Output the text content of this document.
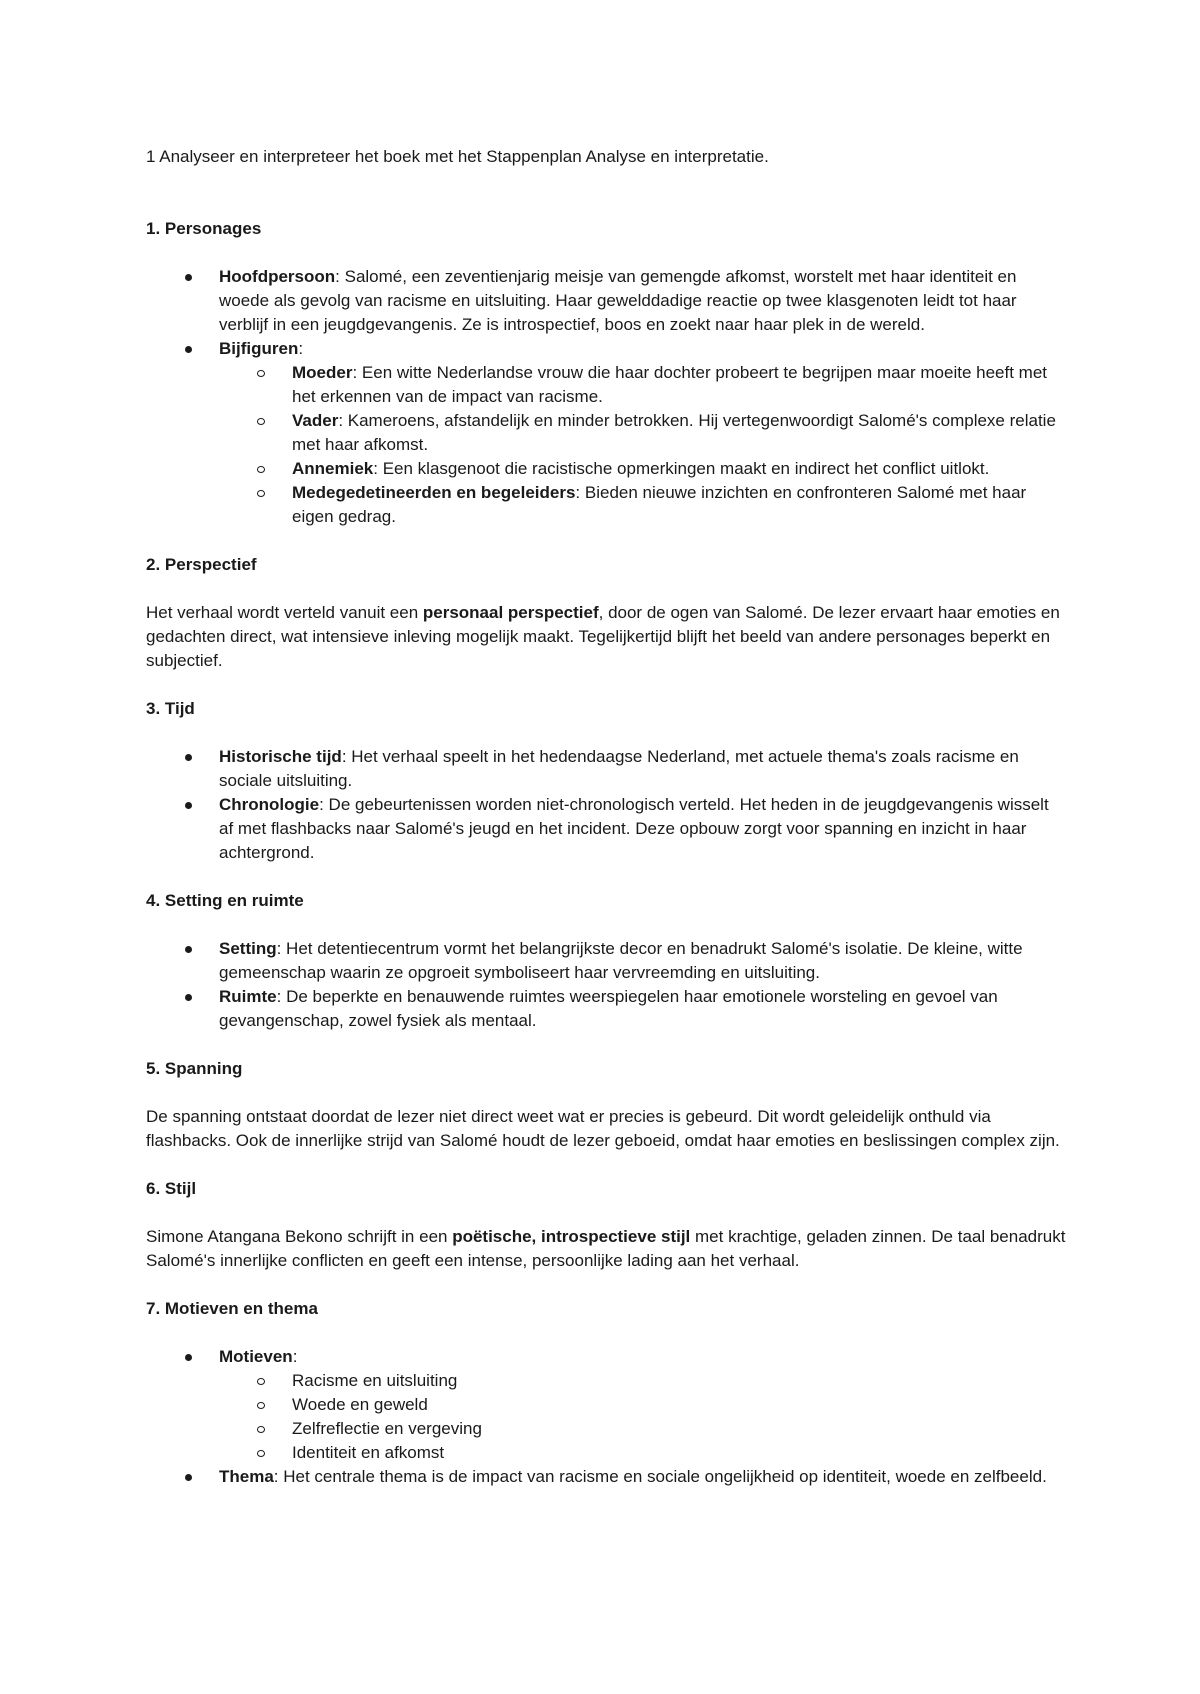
1 Analyseer en interpreteer het boek met het Stappenplan Analyse en interpretatie.

1. Personages
Hoofdpersoon: Salomé, een zeventienjarig meisje van gemengde afkomst, worstelt met haar identiteit en woede als gevolg van racisme en uitsluiting. Haar gewelddadige reactie op twee klasgenoten leidt tot haar verblijf in een jeugdgevangenis. Ze is introspectief, boos en zoekt naar haar plek in de wereld.
Bijfiguren:
Moeder: Een witte Nederlandse vrouw die haar dochter probeert te begrijpen maar moeite heeft met het erkennen van de impact van racisme.
Vader: Kameroens, afstandelijk en minder betrokken. Hij vertegenwoordigt Salomé's complexe relatie met haar afkomst.
Annemiek: Een klasgenoot die racistische opmerkingen maakt en indirect het conflict uitlokt.
Medegedetineerden en begeleiders: Bieden nieuwe inzichten en confronteren Salomé met haar eigen gedrag.
2. Perspectief

Het verhaal wordt verteld vanuit een personaal perspectief, door de ogen van Salomé. De lezer ervaart haar emoties en gedachten direct, wat intensieve inleving mogelijk maakt. Tegelijkertijd blijft het beeld van andere personages beperkt en subjectief.

3. Tijd
Historische tijd: Het verhaal speelt in het hedendaagse Nederland, met actuele thema's zoals racisme en sociale uitsluiting.
Chronologie: De gebeurtenissen worden niet-chronologisch verteld. Het heden in de jeugdgevangenis wisselt af met flashbacks naar Salomé's jeugd en het incident. Deze opbouw zorgt voor spanning en inzicht in haar achtergrond.
4. Setting en ruimte
Setting: Het detentiecentrum vormt het belangrijkste decor en benadrukt Salomé's isolatie. De kleine, witte gemeenschap waarin ze opgroeit symboliseert haar vervreemding en uitsluiting.
Ruimte: De beperkte en benauwende ruimtes weerspiegelen haar emotionele worsteling en gevoel van gevangenschap, zowel fysiek als mentaal.
5. Spanning

De spanning ontstaat doordat de lezer niet direct weet wat er precies is gebeurd. Dit wordt geleidelijk onthuld via flashbacks. Ook de innerlijke strijd van Salomé houdt de lezer geboeid, omdat haar emoties en beslissingen complex zijn.

6. Stijl

Simone Atangana Bekono schrijft in een poëtische, introspectieve stijl met krachtige, geladen zinnen. De taal benadrukt Salomé's innerlijke conflicten en geeft een intense, persoonlijke lading aan het verhaal.

7. Motieven en thema
Motieven:
Racisme en uitsluiting
Woede en geweld
Zelfreflectie en vergeving
Identiteit en afkomst
Thema: Het centrale thema is de impact van racisme en sociale ongelijkheid op identiteit, woede en zelfbeeld.
